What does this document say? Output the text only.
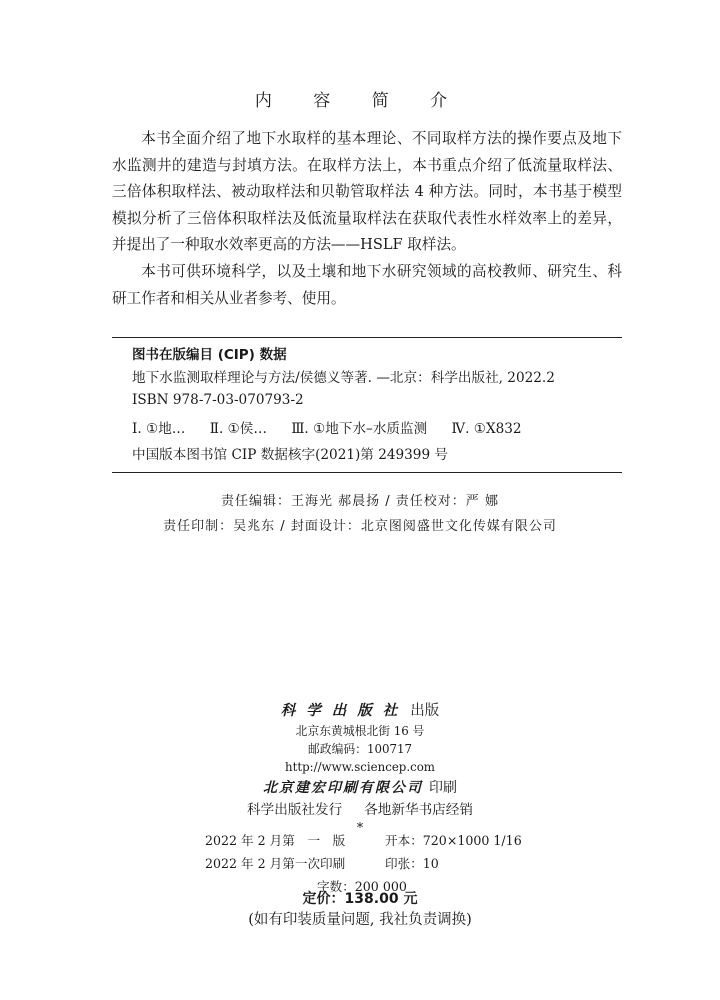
内 容 简 介

本书全面介绍了地下水取样的基本理论、不同取样方法的操作要点及地下水监测井的建造与封填方法。在取样方法上，本书重点介绍了低流量取样法、三倍体积取样法、被动取样法和贝勒管取样法 4 种方法。同时，本书基于模型模拟分析了三倍体积取样法及低流量取样法在获取代表性水样效率上的差异，并提出了一种取水效率更高的方法——HSLF 取样法。

本书可供环境科学，以及土壤和地下水研究领域的高校教师、研究生、科研工作者和相关从业者参考、使用。

图书在版编目 (CIP) 数据
地下水监测取样理论与方法/侯德义等著. —北京：科学出版社, 2022.2
ISBN 978-7-03-070793-2
Ⅰ. ①地… Ⅱ. ①侯… Ⅲ. ①地下水–水质监测 Ⅳ. ①X832
中国版本图书馆 CIP 数据核字(2021)第 249399 号
责任编辑：王海光 郝晨扬 / 责任校对：严 娜
责任印制：吴兆东 / 封面设计：北京图阅盛世文化传媒有限公司
科学出版社 出版
北京东黄城根北街 16 号
邮政编码：100717
http://www.sciencep.com
北京建宏印刷有限公司 印刷
科学出版社发行 各地新华书店经销
*
2022 年 2 月第　一　版	开本：720×1000 1/16
2022 年 2 月第一次印刷	印张：10
字数：200 000
定价：138.00 元
(如有印装质量问题, 我社负责调换)
